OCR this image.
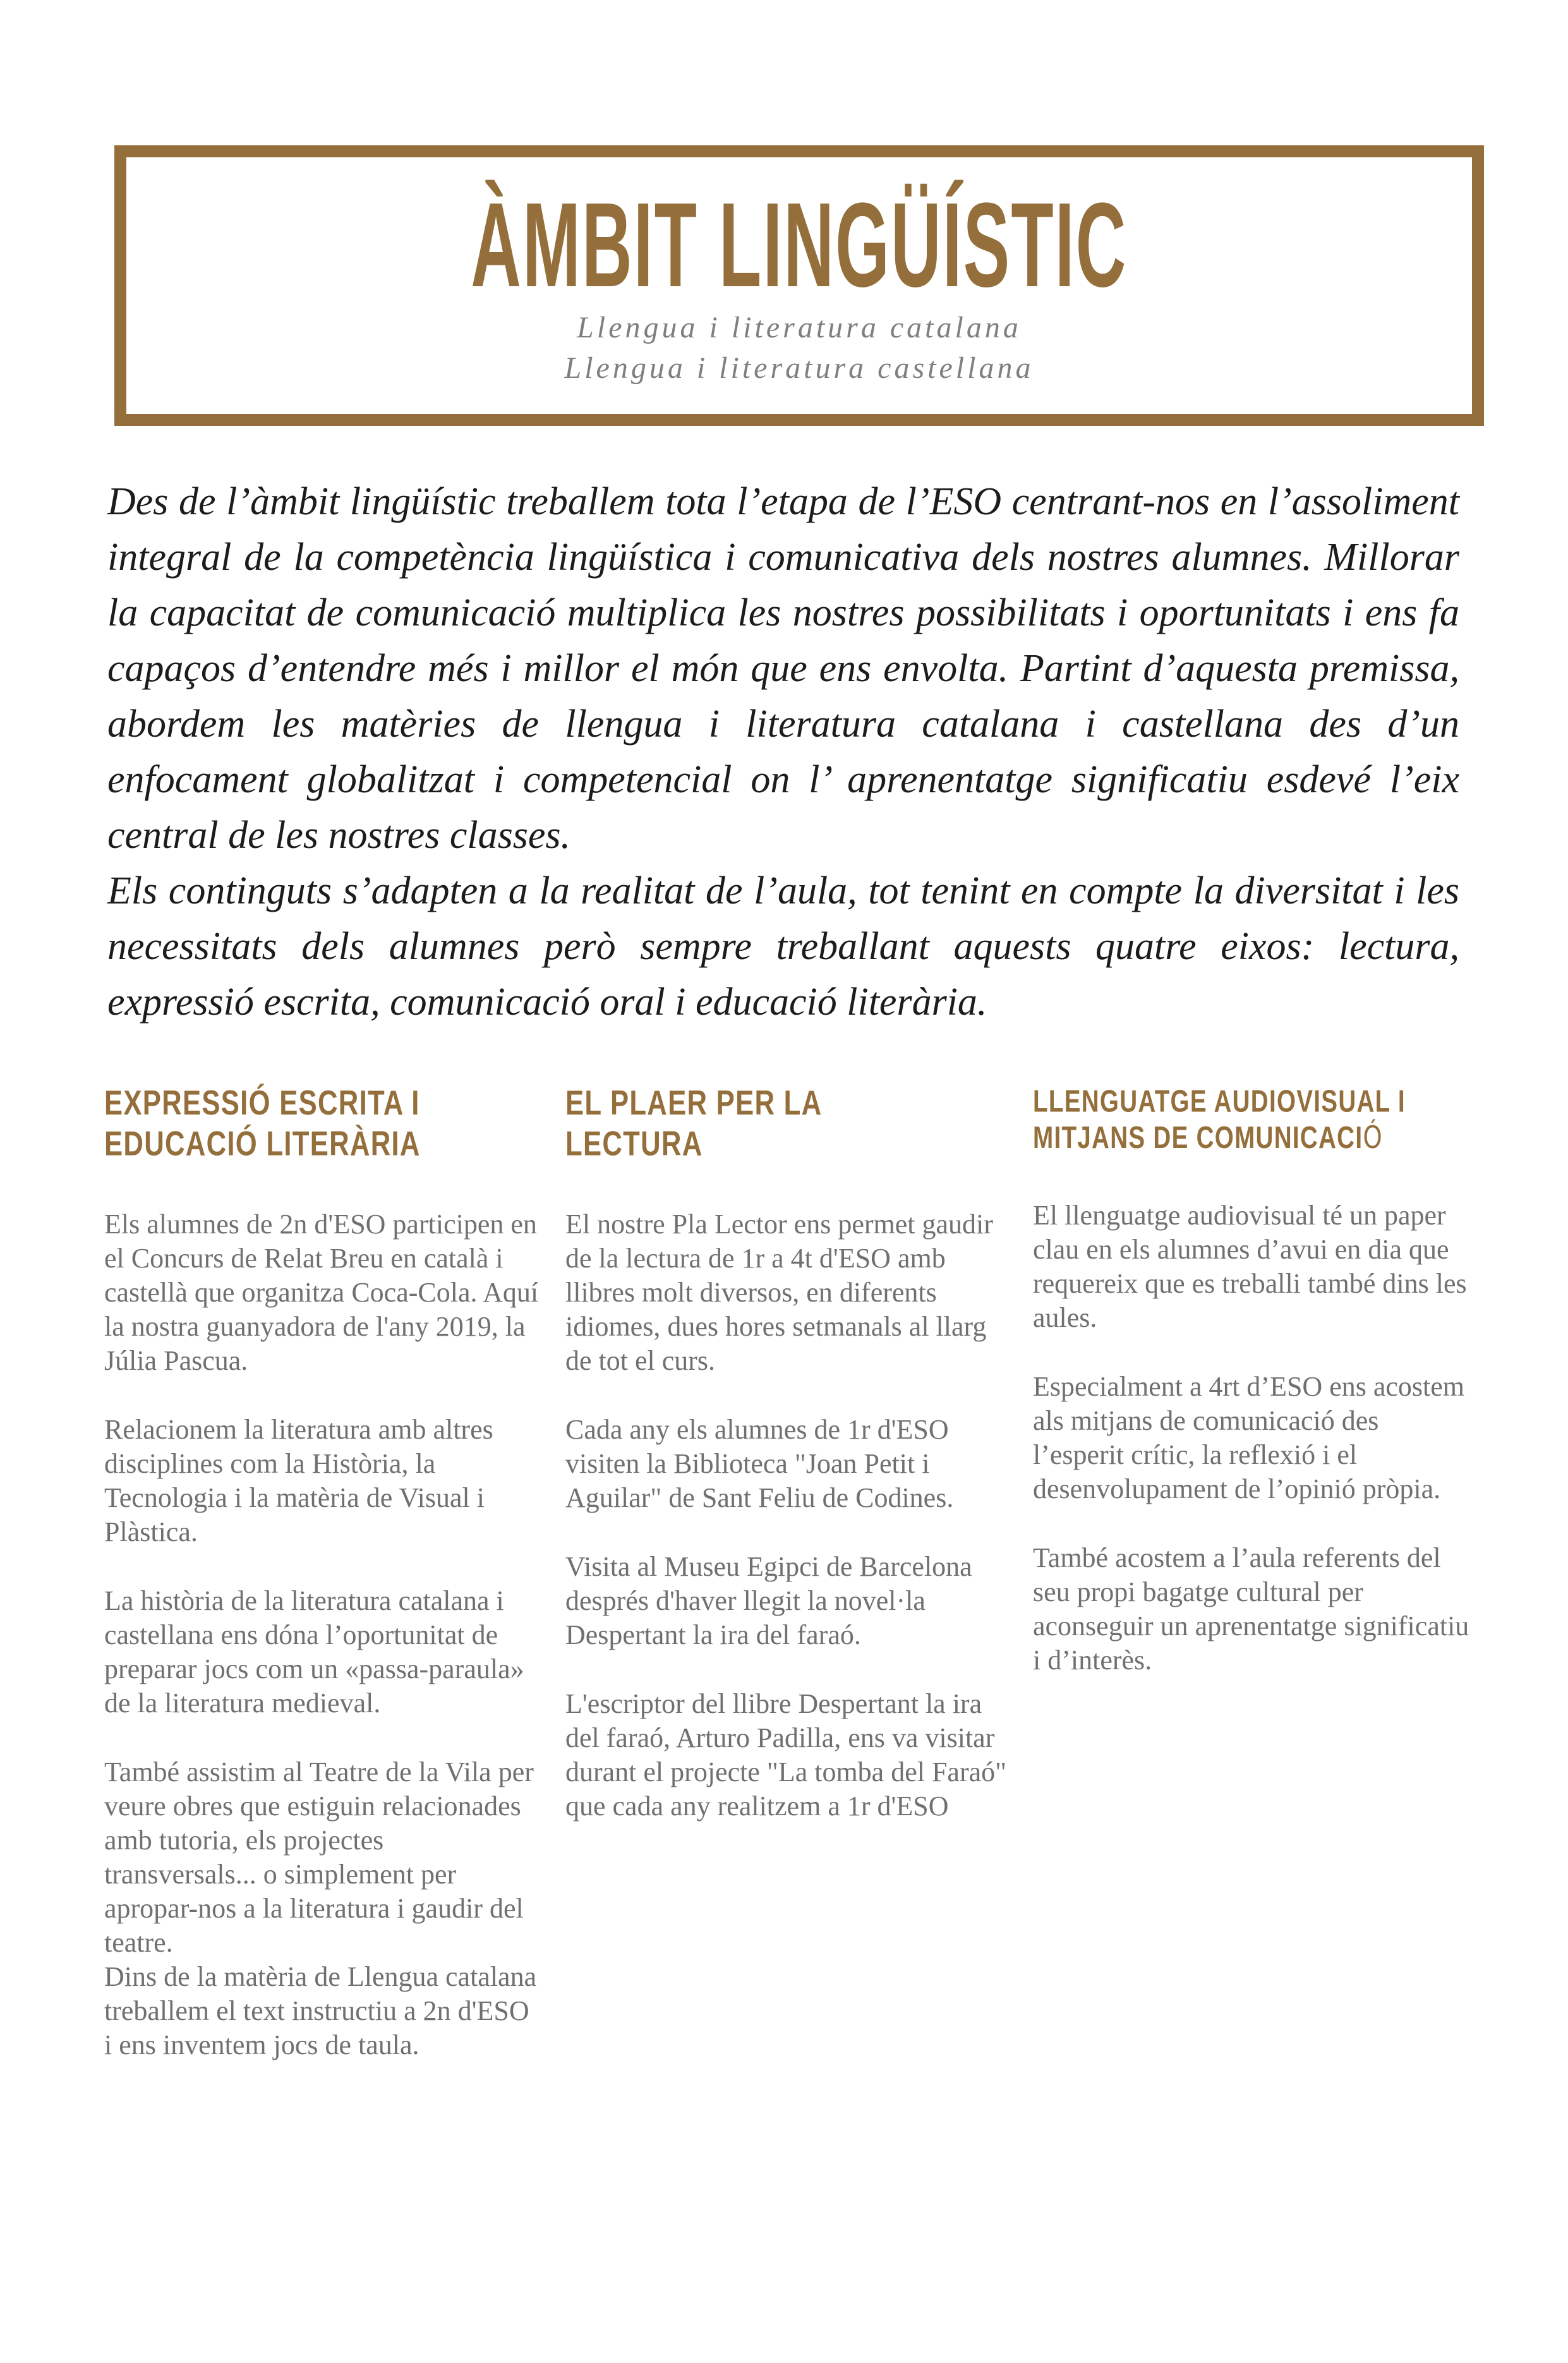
ÀMBIT LINGÜÍSTIC
Llengua i literatura catalana
Llengua i literatura castellana

Des de l’àmbit lingüístic treballem tota l’etapa de l’ESO centrant-nos en l’assoliment integral de la competència lingüística i comunicativa dels nostres alumnes. Millorar la capacitat de comunicació multiplica les nostres possibilitats i oportunitats i ens fa capaços d’entendre més i millor el món que ens envolta. Partint d’aquesta premissa, abordem les matèries de llengua i literatura catalana i castellana des d’un enfocament globalitzat i competencial on l’ aprenentatge significatiu esdevé l’eix central de les nostres classes.

Els continguts s’adapten a la realitat de l’aula, tot tenint en compte la diversitat i les necessitats dels alumnes però sempre treballant aquests quatre eixos: lectura, expressió escrita, comunicació oral i educació literària.

EXPRESSIÓ ESCRITA I
EDUCACIÓ LITERÀRIA

Els alumnes de 2n d'ESO participen en el Concurs de Relat Breu en català i castellà que organitza Coca-Cola. Aquí la nostra guanyadora de l'any 2019, la Júlia Pascua.

Relacionem la literatura amb altres disciplines com la Història, la Tecnologia i la matèria de Visual i Plàstica.

La història de la literatura catalana i castellana ens dóna l’oportunitat de preparar jocs com un «passa-paraula» de la literatura medieval.

També assistim al Teatre de la Vila per veure obres que estiguin relacionades amb tutoria, els projectes transversals... o simplement per apropar-nos a la literatura i gaudir del teatre.

Dins de la matèria de Llengua catalana treballem el text instructiu a 2n d'ESO i ens inventem jocs de taula.

EL PLAER PER LA
LECTURA

El nostre Pla Lector ens permet gaudir de la lectura de 1r a 4t d'ESO amb llibres molt diversos, en diferents idiomes, dues hores setmanals al llarg de tot el curs.

Cada any els alumnes de 1r d'ESO visiten la Biblioteca "Joan Petit i Aguilar" de Sant Feliu de Codines.

Visita al Museu Egipci de Barcelona després d'haver llegit la novel·la Despertant la ira del faraó.

L'escriptor del llibre Despertant la ira del faraó, Arturo Padilla, ens va visitar durant el projecte "La tomba del Faraó" que cada any realitzem a 1r d'ESO

LLENGUATGE AUDIOVISUAL I
MITJANS DE COMUNICACIÓ

El llenguatge audiovisual té un paper clau en els alumnes d’avui en dia que requereix que es treballi també dins les aules.

Especialment a 4rt d’ESO ens acostem als mitjans de comunicació des l’esperit crític, la reflexió i el desenvolupament de l’opinió pròpia.

També acostem a l’aula referents del seu propi bagatge cultural per aconseguir un aprenentatge significatiu i d’interès.
